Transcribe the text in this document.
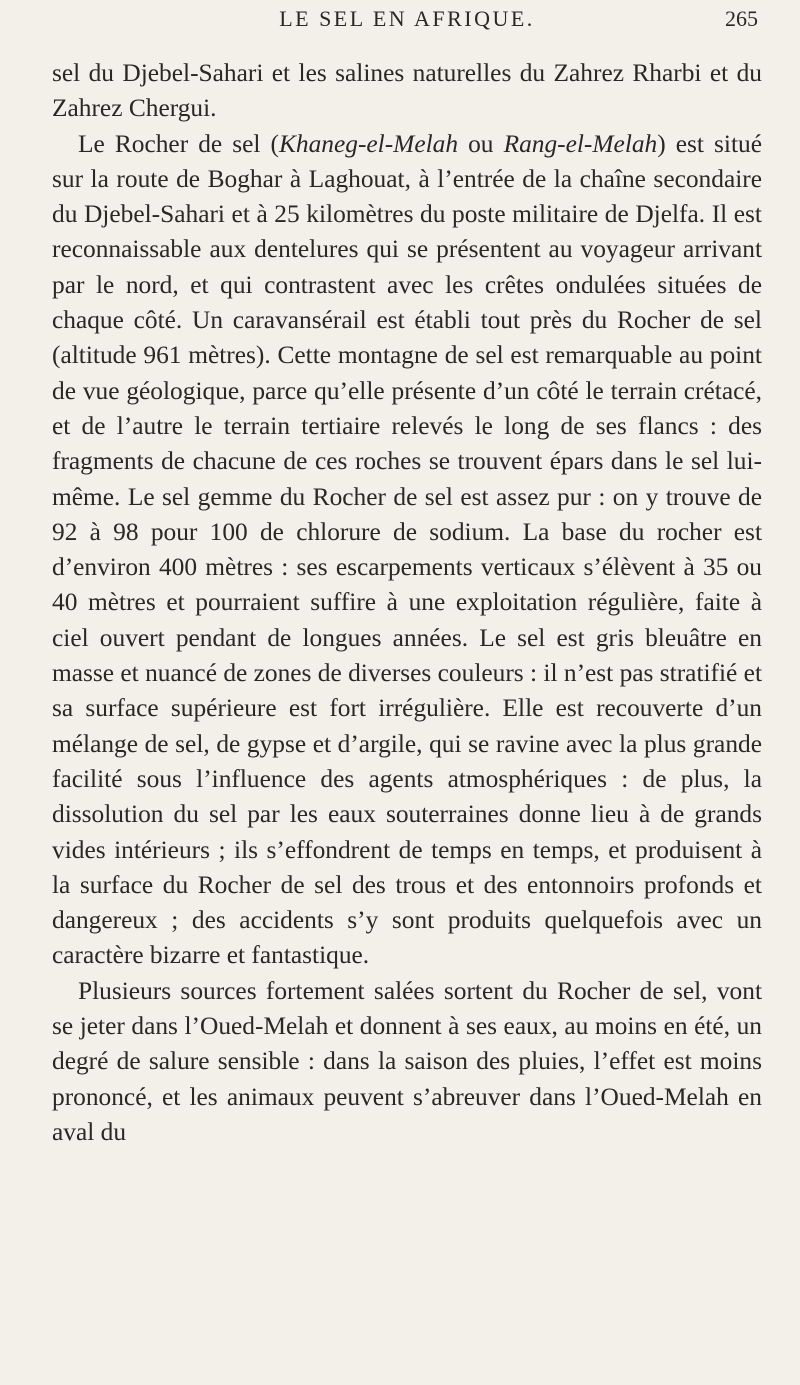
LE SEL EN AFRIQUE.	265

sel du Djebel-Sahari et les salines naturelles du Zahrez Rharbi et du Zahrez Chergui.

Le Rocher de sel (Khaneg-el-Melah ou Rang-el-Melah) est situé sur la route de Boghar à Laghouat, à l’entrée de la chaîne secondaire du Djebel-Sahari et à 25 kilomètres du poste militaire de Djelfa. Il est reconnaissable aux dentelures qui se présentent au voyageur arrivant par le nord, et qui contrastent avec les crêtes ondulées situées de chaque côté. Un caravansérail est établi tout près du Rocher de sel (altitude 961 mètres). Cette montagne de sel est remarquable au point de vue géologique, parce qu’elle présente d’un côté le terrain crétacé, et de l’autre le terrain tertiaire relevés le long de ses flancs : des fragments de chacune de ces roches se trouvent épars dans le sel lui-même. Le sel gemme du Rocher de sel est assez pur : on y trouve de 92 à 98 pour 100 de chlorure de sodium. La base du rocher est d’environ 400 mètres : ses escarpements verticaux s’élèvent à 35 ou 40 mètres et pourraient suffire à une exploitation régulière, faite à ciel ouvert pendant de longues années. Le sel est gris bleuâtre en masse et nuancé de zones de diverses couleurs : il n’est pas stratifié et sa surface supérieure est fort irrégulière. Elle est recouverte d’un mélange de sel, de gypse et d’argile, qui se ravine avec la plus grande facilité sous l’influence des agents atmosphériques : de plus, la dissolution du sel par les eaux souterraines donne lieu à de grands vides intérieurs ; ils s’effondrent de temps en temps, et produisent à la surface du Rocher de sel des trous et des entonnoirs profonds et dangereux ; des accidents s’y sont produits quelquefois avec un caractère bizarre et fantastique.

Plusieurs sources fortement salées sortent du Rocher de sel, vont se jeter dans l’Oued-Melah et donnent à ses eaux, au moins en été, un degré de salure sensible : dans la saison des pluies, l’effet est moins prononcé, et les animaux peuvent s’abreuver dans l’Oued-Melah en aval du
